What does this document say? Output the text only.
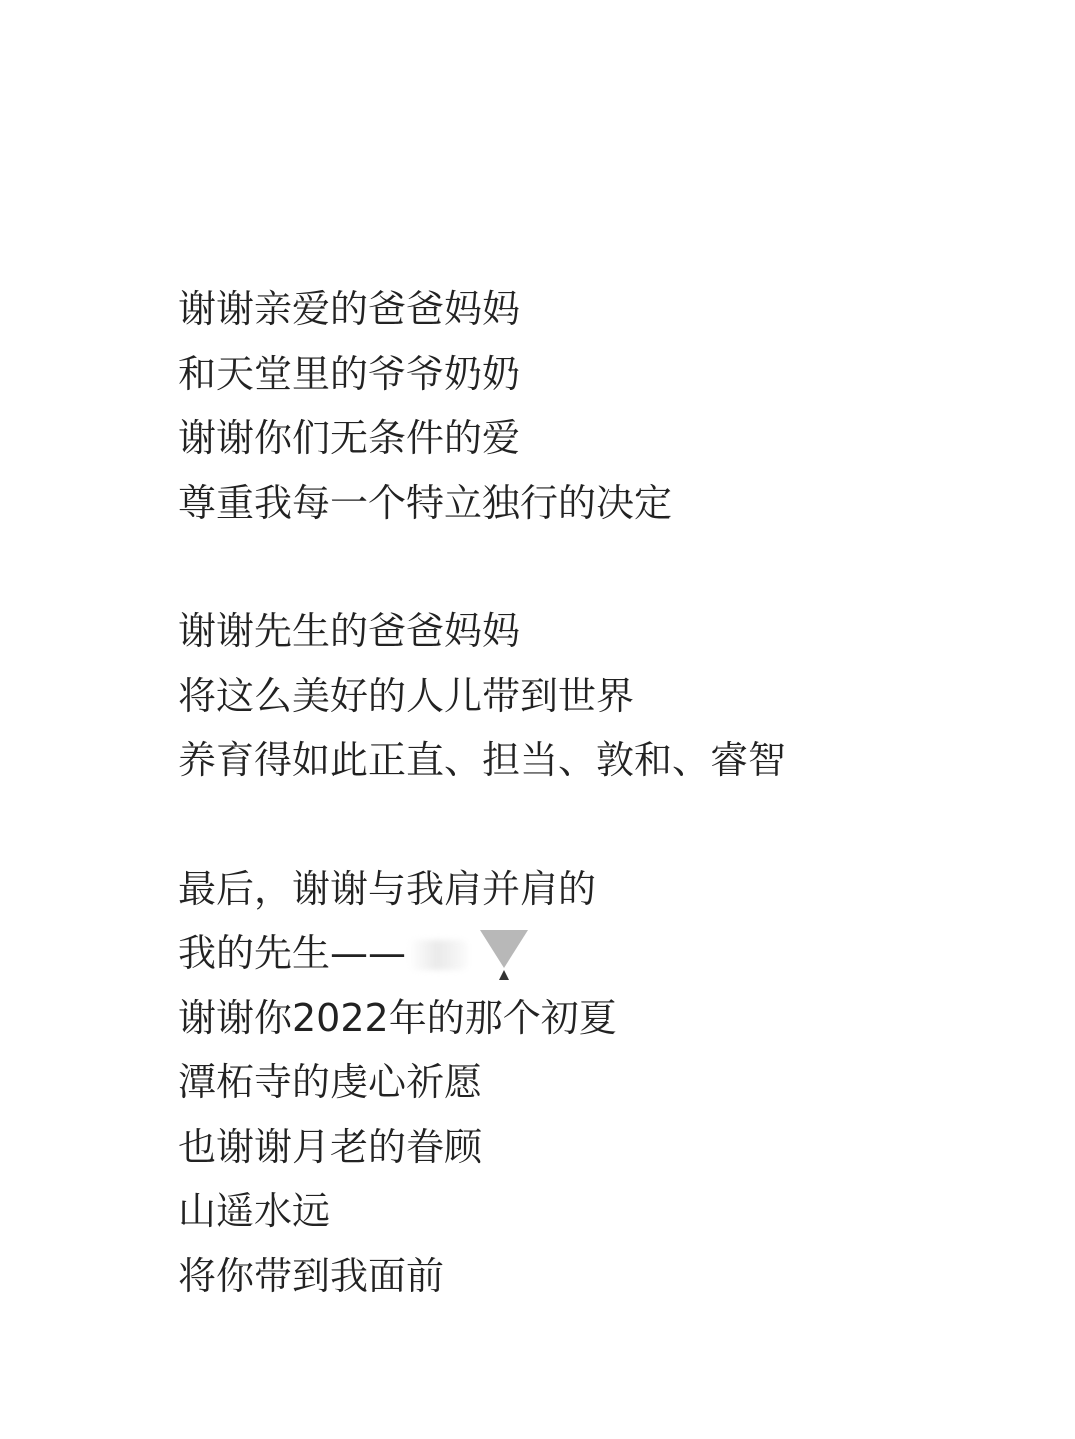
谢谢亲爱的爸爸妈妈
和天堂里的爷爷奶奶
谢谢你们无条件的爱
尊重我每一个特立独行的决定
谢谢先生的爸爸妈妈
将这么美好的人儿带到世界
养育得如此正直、担当、敦和、睿智
最后，谢谢与我肩并肩的
我的先生——
谢谢你2022年的那个初夏
潭柘寺的虔心祈愿
也谢谢月老的眷顾
山遥水远
将你带到我面前
